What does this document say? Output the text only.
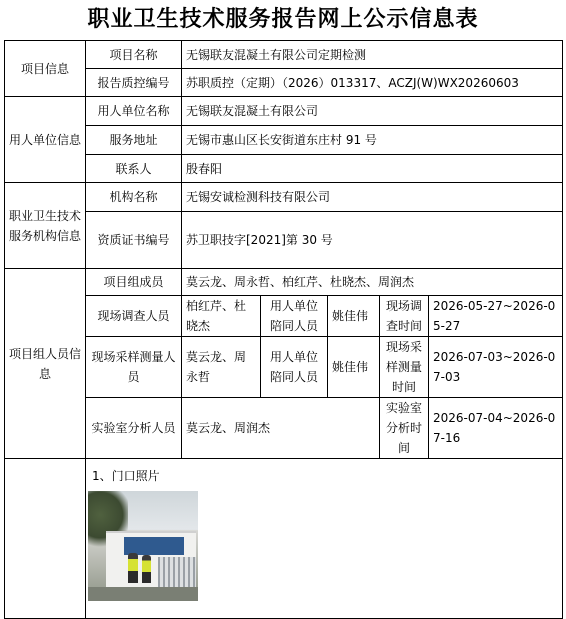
职业卫生技术服务报告网上公示信息表
项目信息	项目名称	无锡联友混凝土有限公司定期检测				
	报告质控编号	苏职质控（定期）（2026）013317、ACZJ(W)WX20260603				
用人单位信息	用人单位名称	无锡联友混凝土有限公司				
	服务地址	无锡市惠山区长安街道东庄村 91 号				
	联系人	殷春阳				
职业卫生技术服务机构信息	机构名称	无锡安诚检测科技有限公司				
	资质证书编号	苏卫职技字[2021]第 30 号				
项目组人员信息	项目组成员	莫云龙、周永哲、柏红芹、杜晓杰、周润杰				
	现场调查人员	柏红芹、杜晓杰	用人单位陪同人员	姚佳伟	现场调查时间	2026-05-27~2026-05-27
	现场采样测量人员	莫云龙、周永哲	用人单位陪同人员	姚佳伟	现场采样测量时间	2026-07-03~2026-07-03
	实验室分析人员	莫云龙、周润杰			实验室分析时间	2026-07-04~2026-07-16

	1、门口照片					
